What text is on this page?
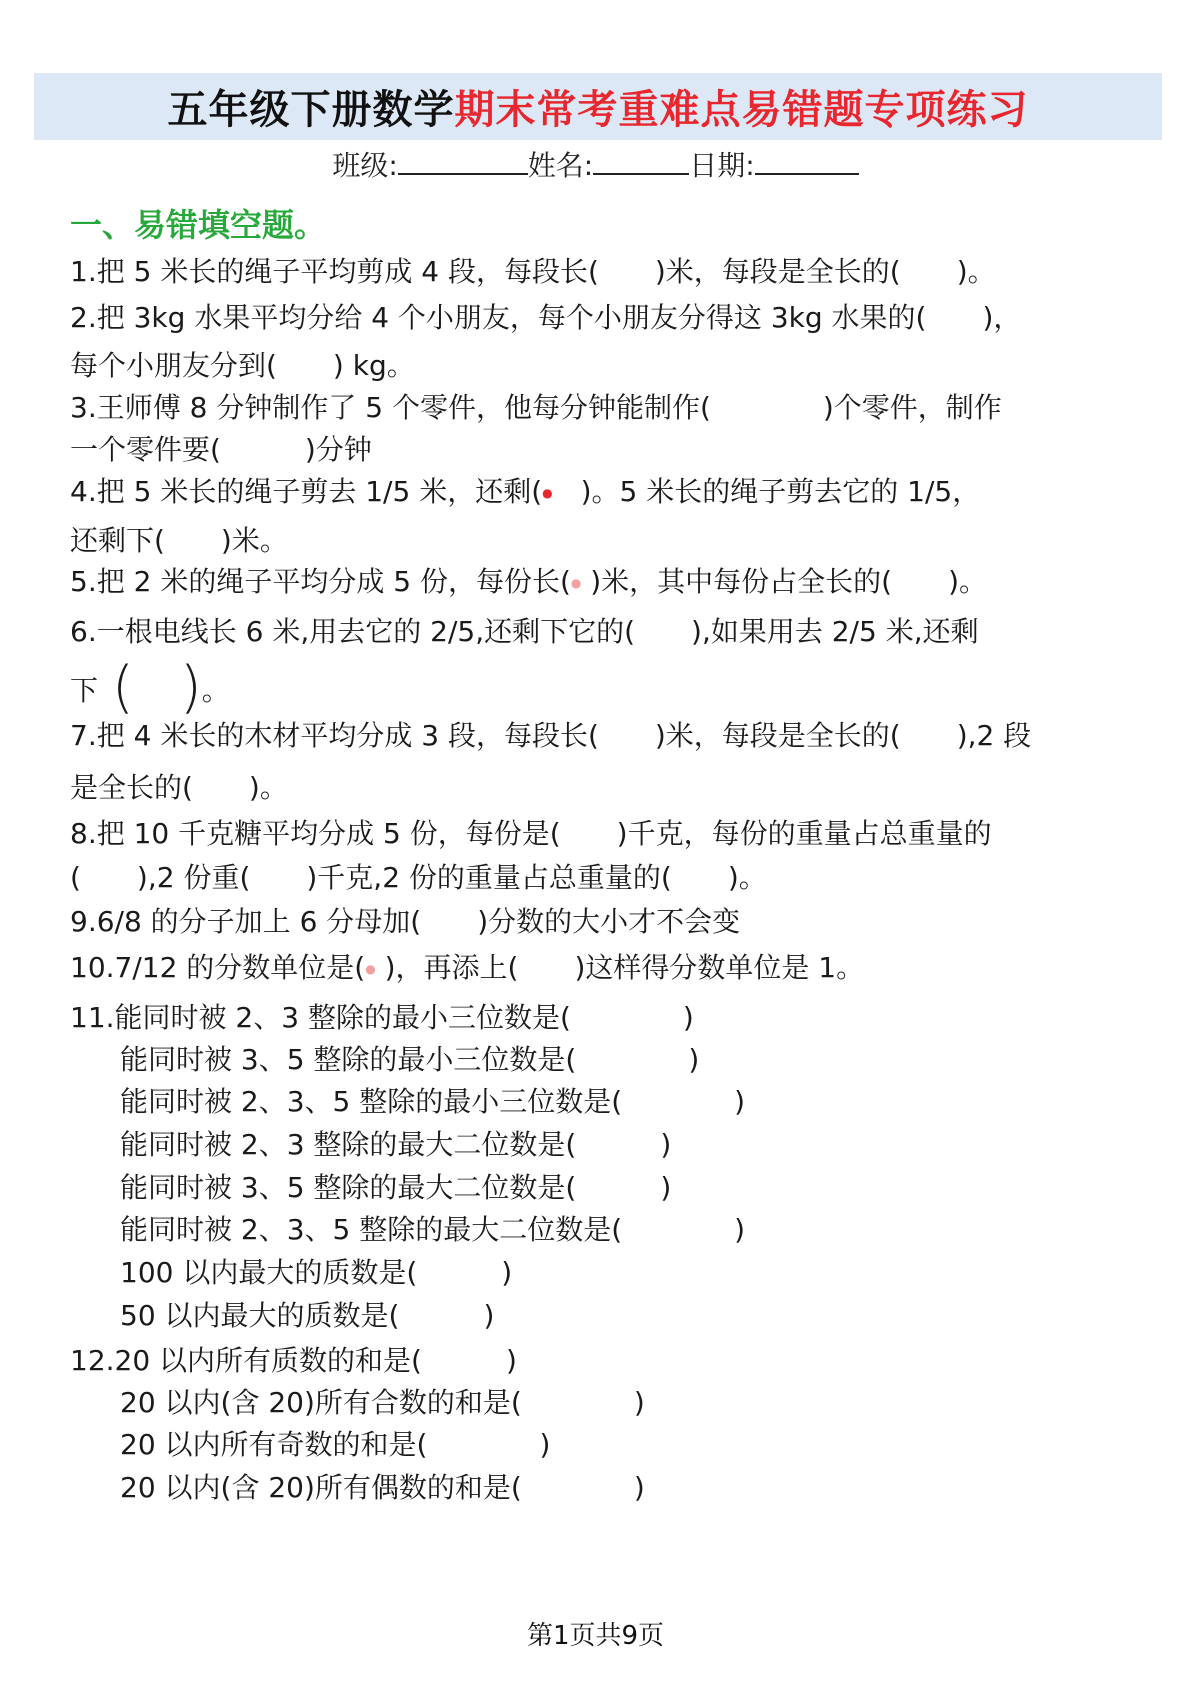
五年级下册数学 期末常考重难点易错题专项练习
班级:	姓名:	日期:
一、易错填空题。
1.把 5 米长的绳子平均剪成 4 段，每段长(　　)米，每段是全长的(　　)。
2.把 3kg 水果平均分给 4 个小朋友，每个小朋友分得这 3kg 水果的(　　)，
每个小朋友分到(　　) kg。
3.王师傅 8 分钟制作了 5 个零件，他每分钟能制作(　　　　)个零件，制作
一个零件要(　　　)分钟
4.把 5 米长的绳子剪去 1/5 米，还剩(●　)。5 米长的绳子剪去它的 1/5，
还剩下(　　)米。
5.把 2 米的绳子平均分成 5 份，每份长(● )米，其中每份占全长的(　　)。
6.一根电线长 6 米,用去它的 2/5,还剩下它的(　　),如果用去 2/5 米,还剩
下 ( )。
7.把 4 米长的木材平均分成 3 段，每段长(　　)米，每段是全长的(　　),2 段
是全长的(　　)。
8.把 10 千克糖平均分成 5 份，每份是(　　)千克，每份的重量占总重量的
(　　),2 份重(　　)千克,2 份的重量占总重量的(　　)。
9.6/8 的分子加上 6 分母加(　　)分数的大小才不会变
10.7/12 的分数单位是(● )，再添上(　　)这样得分数单位是 1。
11.能同时被 2、3 整除的最小三位数是(　　　　)
能同时被 3、5 整除的最小三位数是(　　　　)
能同时被 2、3、5 整除的最小三位数是(　　　　)
能同时被 2、3 整除的最大二位数是(　　　)
能同时被 3、5 整除的最大二位数是(　　　)
能同时被 2、3、5 整除的最大二位数是(　　　　)
100 以内最大的质数是(　　　)
50 以内最大的质数是(　　　)
12.20 以内所有质数的和是(　　　)
20 以内(含 20)所有合数的和是(　　　　)
20 以内所有奇数的和是(　　　　)
20 以内(含 20)所有偶数的和是(　　　　)
第1页共9页
